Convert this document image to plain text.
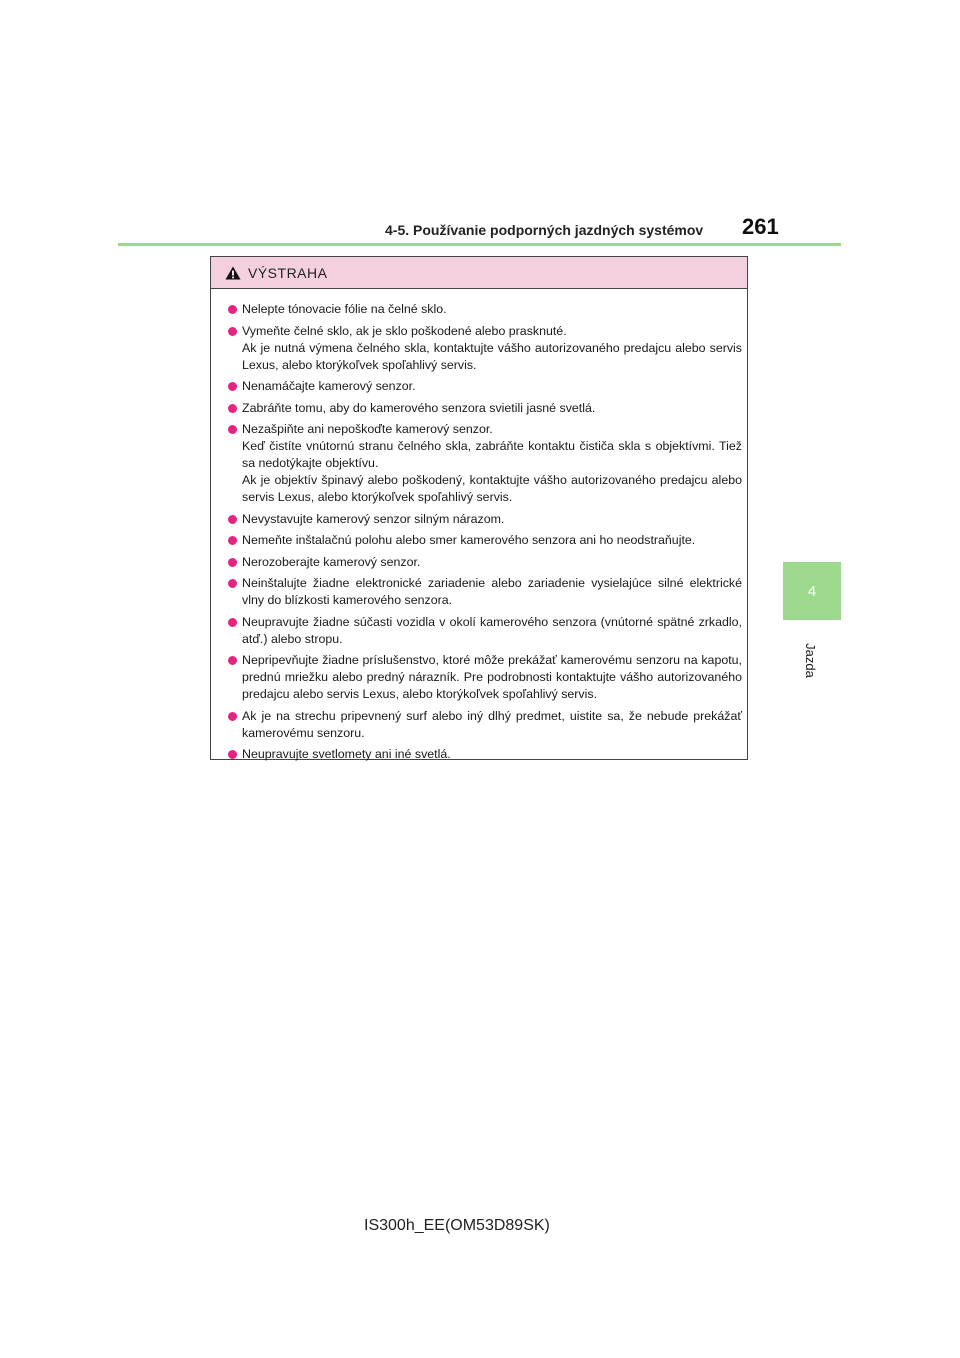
4-5. Používanie podporných jazdných systémov 261
4
Jazda
VÝSTRAHA
Nelepte tónovacie fólie na čelné sklo.
Vymeňte čelné sklo, ak je sklo poškodené alebo prasknuté.
Ak je nutná výmena čelného skla, kontaktujte vášho autorizovaného predajcu alebo servis Lexus, alebo ktorýkoľvek spoľahlivý servis.
Nenamáčajte kamerový senzor.
Zabráňte tomu, aby do kamerového senzora svietili jasné svetlá.
Nezašpiňte ani nepoškoďte kamerový senzor.
Keď čistíte vnútornú stranu čelného skla, zabráňte kontaktu čističa skla s objektívmi. Tiež sa nedotýkajte objektívu.
Ak je objektív špinavý alebo poškodený, kontaktujte vášho autorizovaného predajcu alebo servis Lexus, alebo ktorýkoľvek spoľahlivý servis.
Nevystavujte kamerový senzor silným nárazom.
Nemeňte inštalačnú polohu alebo smer kamerového senzora ani ho neodstraňujte.
Nerozoberajte kamerový senzor.
Neinštalujte žiadne elektronické zariadenie alebo zariadenie vysielajúce silné elektrické vlny do blízkosti kamerového senzora.
Neupravujte žiadne súčasti vozidla v okolí kamerového senzora (vnútorné spätné zrkadlo, atď.) alebo stropu.
Nepripevňujte žiadne príslušenstvo, ktoré môže prekážať kamerovému senzoru na kapotu, prednú mriežku alebo predný nárazník. Pre podrobnosti kontaktujte vášho autorizovaného predajcu alebo servis Lexus, alebo ktorýkoľvek spoľahlivý servis.
Ak je na strechu pripevnený surf alebo iný dlhý predmet, uistite sa, že nebude prekážať kamerovému senzoru.
Neupravujte svetlomety ani iné svetlá.
IS300h_EE(OM53D89SK)
